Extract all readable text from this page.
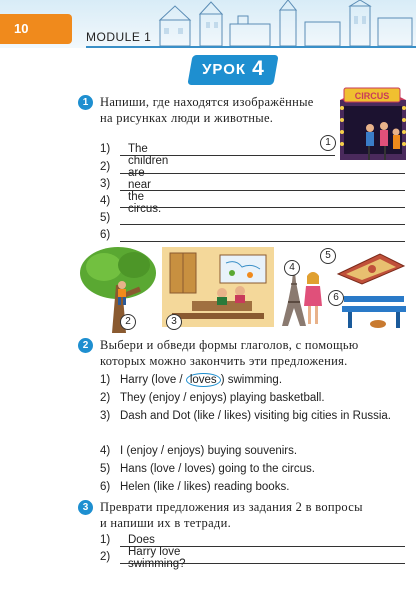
10
MODULE 1
УРОК 4
1 Напиши, где находятся изображённые
на рисунках люди и животные.
CIRCUS
1
1) The children are near the circus.
2)
3)
4)
5)
6)
2	3
4
5
6
2 Выбери и обведи формы глаголов, с помощью
которых можно закончить эти предложения.
1) Harry (love / loves ) swimming.
2) They (enjoy / enjoys) playing basketball.
3) Dash and Dot (like / likes) visiting big cities in Russia.
4) I (enjoy / enjoys) buying souvenirs.
5) Hans (love / loves) going to the circus.
6) Helen (like / likes) reading books.
3 Преврати предложения из задания 2 в вопросы
и напиши их в тетради.
1) Does Harry love swimming?
2)
